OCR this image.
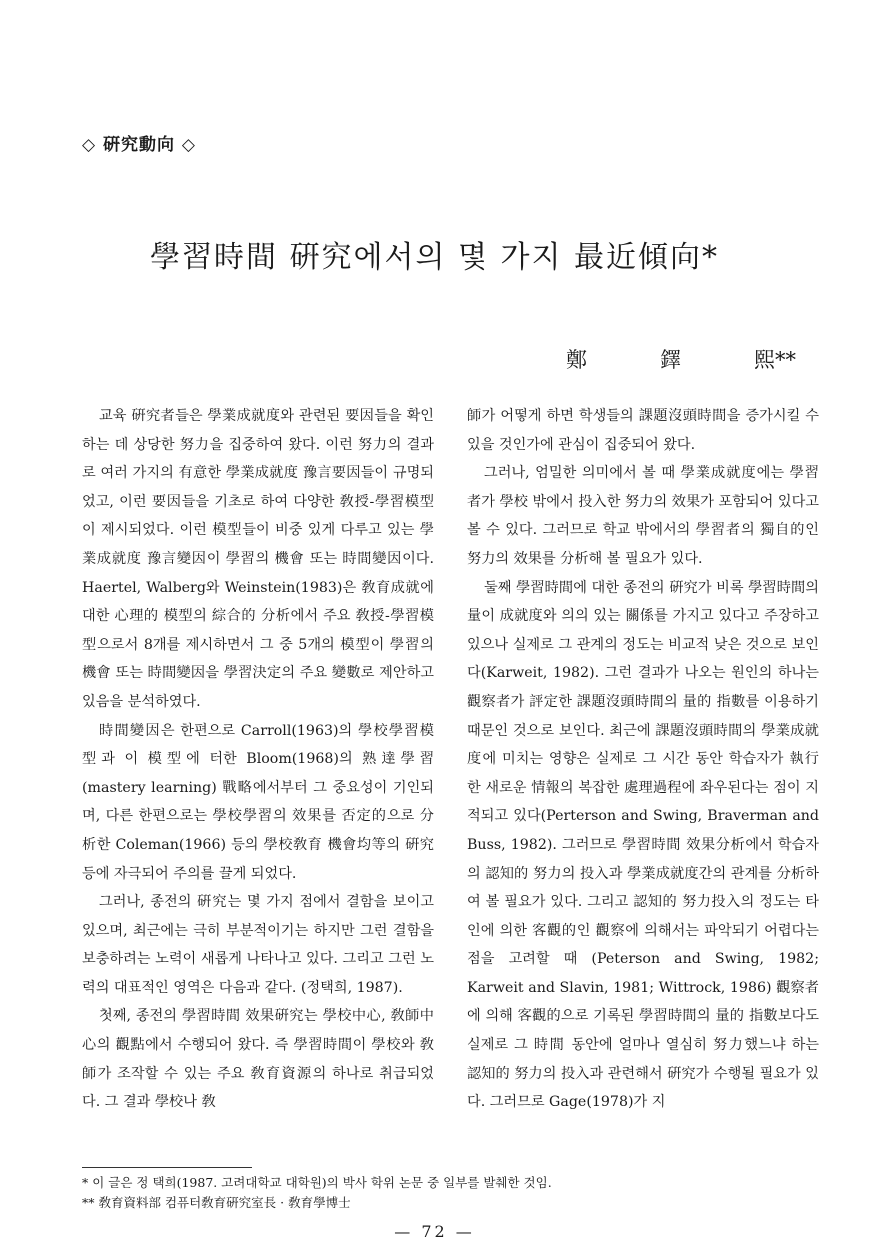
◇ 硏究動向 ◇
學習時間 硏究에서의 몇 가지 最近傾向*
鄭	鐸	熙**

교육 硏究者들은 學業成就度와 관련된 要因들을 확인하는 데 상당한 努力을 집중하여 왔다. 이런 努力의 결과로 여러 가지의 有意한 學業成就度 豫言要因들이 규명되었고, 이런 要因들을 기초로 하여 다양한 敎授-學習模型이 제시되었다. 이런 模型들이 비중 있게 다루고 있는 學業成就度 豫言變因이 學習의 機會 또는 時間變因이다. Haertel, Walberg와 Weinstein(1983)은 敎育成就에 대한 心理的 模型의 綜合的 分析에서 주요 敎授-學習模型으로서 8개를 제시하면서 그 중 5개의 模型이 學習의 機會 또는 時間變因을 學習決定의 주요 變數로 제안하고 있음을 분석하였다.

時間變因은 한편으로 Carroll(1963)의 學校學習模型과 이 模型에 터한 Bloom(1968)의 熟達學習(mastery learning) 戰略에서부터 그 중요성이 기인되며, 다른 한편으로는 學校學習의 效果를 否定的으로 分析한 Coleman(1966) 등의 學校敎育 機會均等의 硏究 등에 자극되어 주의를 끌게 되었다.

그러나, 종전의 硏究는 몇 가지 점에서 결함을 보이고 있으며, 최근에는 극히 부분적이기는 하지만 그런 결함을 보충하려는 노력이 새롭게 나타나고 있다. 그리고 그런 노력의 대표적인 영역은 다음과 같다. (정택희, 1987).

첫째, 종전의 學習時間 效果硏究는 學校中心, 敎師中心의 觀點에서 수행되어 왔다. 즉 學習時間이 學校와 敎師가 조작할 수 있는 주요 敎育資源의 하나로 취급되었다. 그 결과 學校나 敎

師가 어떻게 하면 학생들의 課題沒頭時間을 증가시킬 수 있을 것인가에 관심이 집중되어 왔다.

그러나, 엄밀한 의미에서 볼 때 學業成就度에는 學習者가 學校 밖에서 投入한 努力의 效果가 포함되어 있다고 볼 수 있다. 그러므로 학교 밖에서의 學習者의 獨自的인 努力의 效果를 分析해 볼 필요가 있다.

둘째 學習時間에 대한 종전의 硏究가 비록 學習時間의 量이 成就度와 의의 있는 關係를 가지고 있다고 주장하고 있으나 실제로 그 관계의 정도는 비교적 낮은 것으로 보인다(Karweit, 1982). 그런 결과가 나오는 원인의 하나는 觀察者가 評定한 課題沒頭時間의 量的 指數를 이용하기 때문인 것으로 보인다. 최근에 課題沒頭時間의 學業成就度에 미치는 영향은 실제로 그 시간 동안 학습자가 執行한 새로운 情報의 복잡한 處理過程에 좌우된다는 점이 지적되고 있다(Perterson and Swing, Braverman and Buss, 1982). 그러므로 學習時間 效果分析에서 학습자의 認知的 努力의 投入과 學業成就度간의 관계를 分析하여 볼 필요가 있다. 그리고 認知的 努力投入의 정도는 타인에 의한 客觀的인 觀察에 의해서는 파악되기 어렵다는 점을 고려할 때 (Peterson and Swing, 1982; Karweit and Slavin, 1981; Wittrock, 1986) 觀察者에 의해 客觀的으로 기록된 學習時間의 量的 指數보다도 실제로 그 時間 동안에 얼마나 열심히 努力했느냐 하는 認知的 努力의 投入과 관련해서 硏究가 수행될 필요가 있다. 그러므로 Gage(1978)가 지

* 이 글은 정 택희(1987. 고려대학교 대학원)의 박사 학위 논문 중 일부를 발췌한 것임.
** 敎育資料部 컴퓨터敎育硏究室長 · 敎育學博士
— 72 —
